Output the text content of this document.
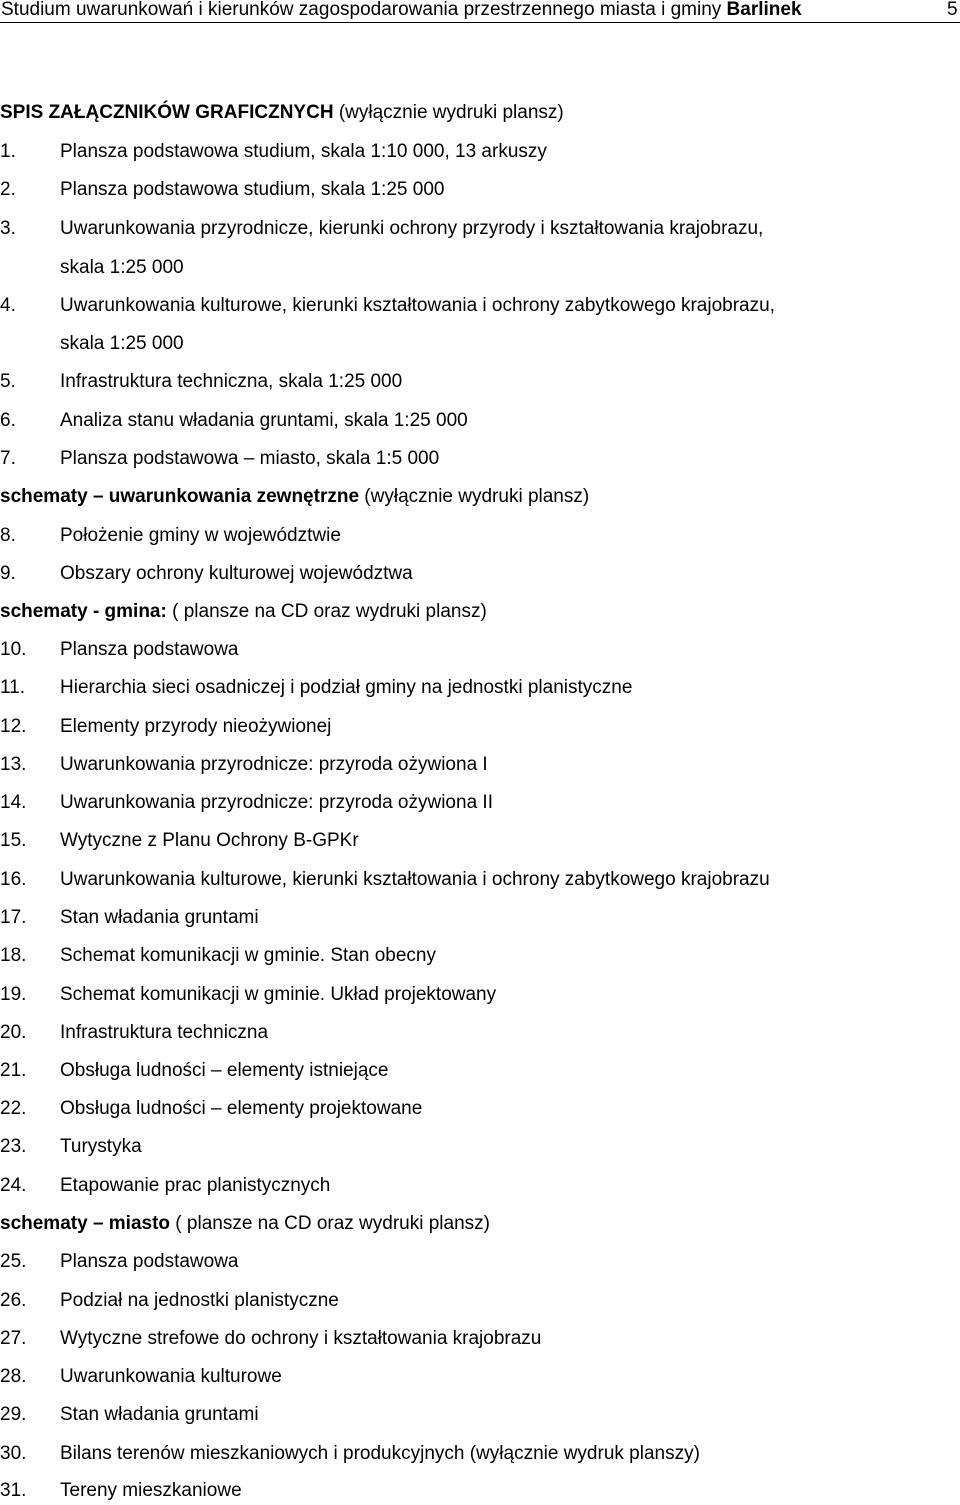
Studium uwarunkowań i kierunków zagospodarowania przestrzennego miasta i gminy Barlinek	5
SPIS ZAŁĄCZNIKÓW GRAFICZNYCH (wyłącznie wydruki plansz)
1. Plansza podstawowa studium, skala 1:10 000, 13 arkuszy
2. Plansza podstawowa studium, skala 1:25 000
3. Uwarunkowania przyrodnicze, kierunki ochrony przyrody i kształtowania krajobrazu,
skala 1:25 000
4. Uwarunkowania kulturowe, kierunki kształtowania i ochrony zabytkowego krajobrazu,
skala 1:25 000
5. Infrastruktura techniczna, skala 1:25 000
6. Analiza stanu władania gruntami, skala 1:25 000
7. Plansza podstawowa – miasto, skala 1:5 000
schematy – uwarunkowania zewnętrzne (wyłącznie wydruki plansz)
8. Położenie gminy w województwie
9. Obszary ochrony kulturowej województwa
schematy - gmina: ( plansze na CD oraz wydruki plansz)
10. Plansza podstawowa
11. Hierarchia sieci osadniczej i podział gminy na jednostki planistyczne
12. Elementy przyrody nieożywionej
13. Uwarunkowania przyrodnicze: przyroda ożywiona I
14. Uwarunkowania przyrodnicze: przyroda ożywiona II
15. Wytyczne z Planu Ochrony B-GPKr
16. Uwarunkowania kulturowe, kierunki kształtowania i ochrony zabytkowego krajobrazu
17. Stan władania gruntami
18. Schemat komunikacji w gminie. Stan obecny
19. Schemat komunikacji w gminie. Układ projektowany
20. Infrastruktura techniczna
21. Obsługa ludności – elementy istniejące
22. Obsługa ludności – elementy projektowane
23. Turystyka
24. Etapowanie prac planistycznych
schematy – miasto ( plansze na CD oraz wydruki plansz)
25. Plansza podstawowa
26. Podział na jednostki planistyczne
27. Wytyczne strefowe do ochrony i kształtowania krajobrazu
28. Uwarunkowania kulturowe
29. Stan władania gruntami
30. Bilans terenów mieszkaniowych i produkcyjnych (wyłącznie wydruk planszy)
31. Tereny mieszkaniowe
